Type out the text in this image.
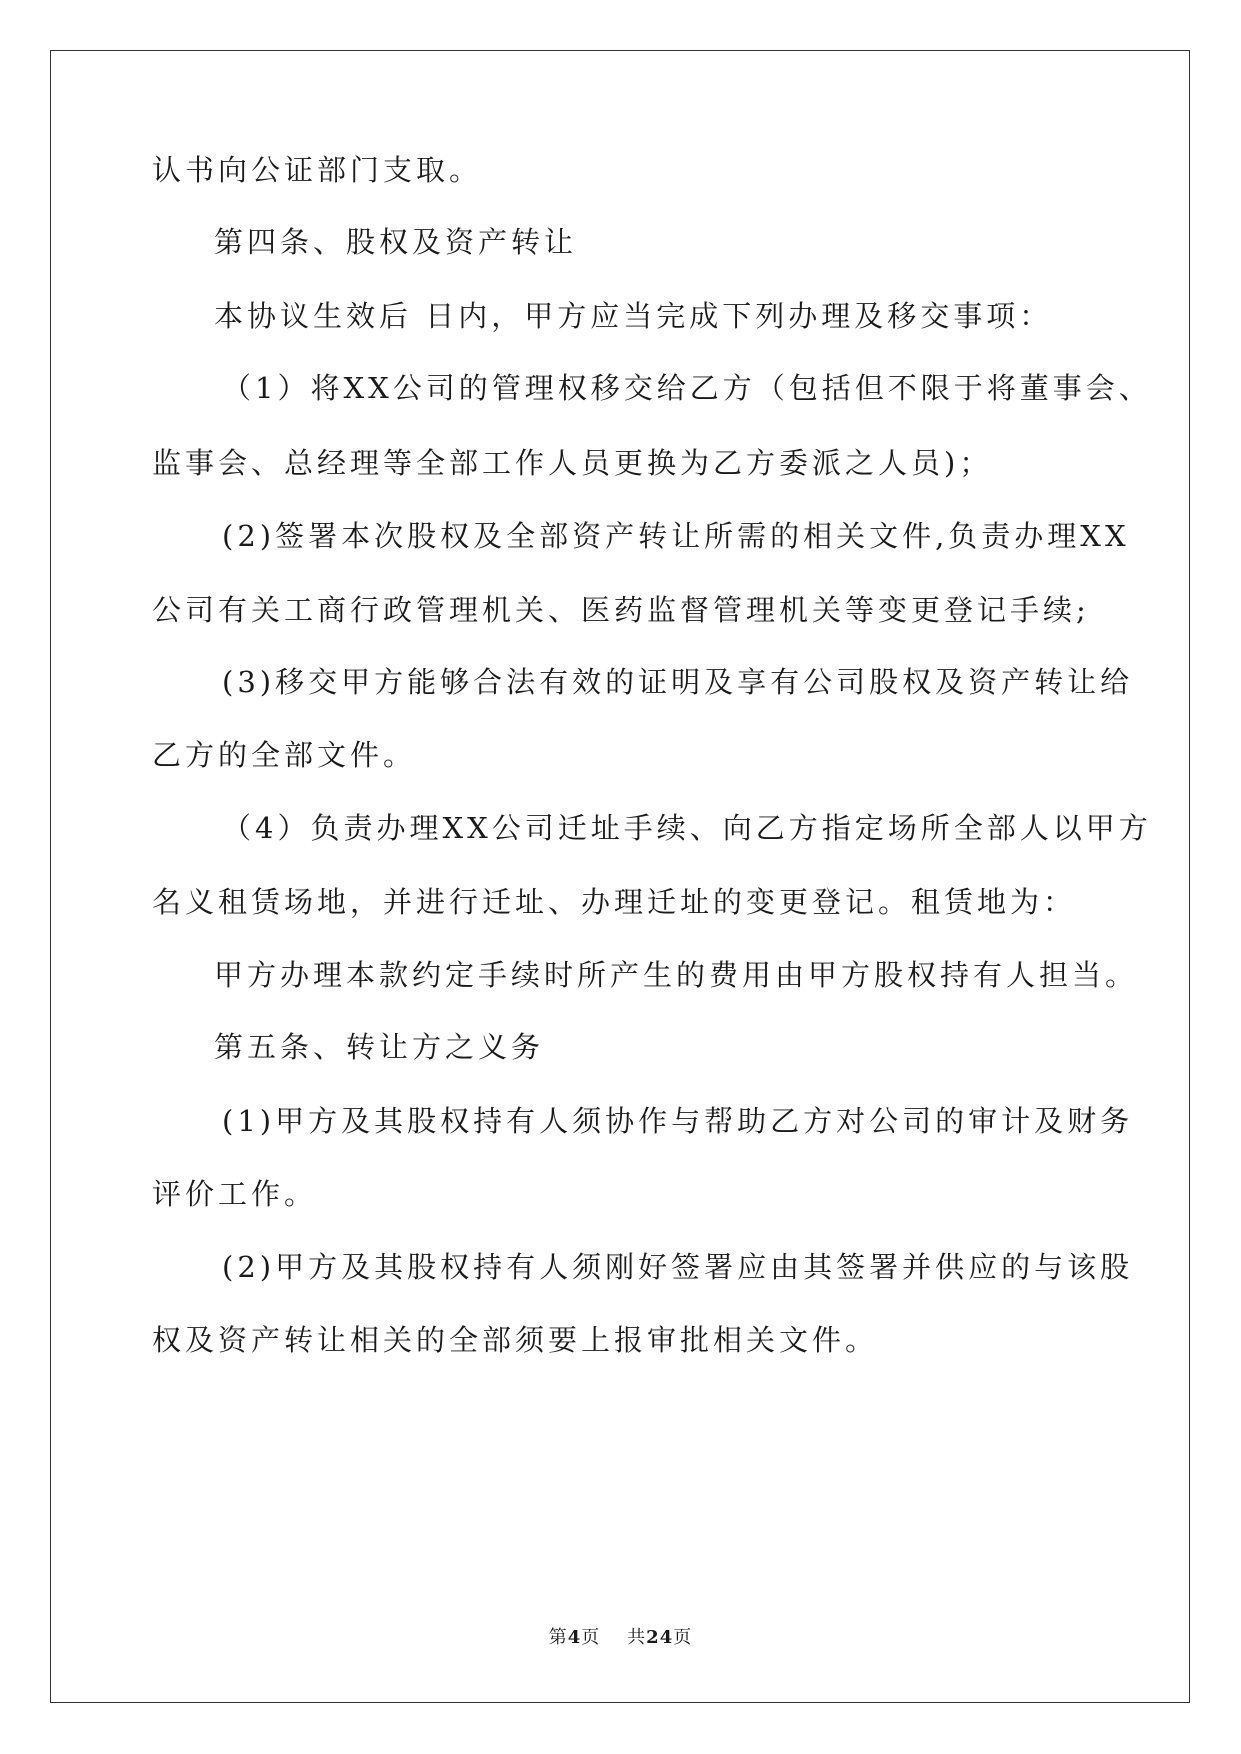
认书向公证部门支取。

第四条、股权及资产转让

本协议生效后 日内，甲方应当完成下列办理及移交事项：

（1）将XX公司的管理权移交给乙方（包括但不限于将董事会、

监事会、总经理等全部工作人员更换为乙方委派之人员)；

(2)签署本次股权及全部资产转让所需的相关文件,负责办理XX

公司有关工商行政管理机关、医药监督管理机关等变更登记手续;

(3)移交甲方能够合法有效的证明及享有公司股权及资产转让给

乙方的全部文件。

（4）负责办理XX公司迁址手续、向乙方指定场所全部人以甲方

名义租赁场地，并进行迁址、办理迁址的变更登记。租赁地为：

甲方办理本款约定手续时所产生的费用由甲方股权持有人担当。

第五条、转让方之义务

(1)甲方及其股权持有人须协作与帮助乙方对公司的审计及财务

评价工作。

(2)甲方及其股权持有人须刚好签署应由其签署并供应的与该股

权及资产转让相关的全部须要上报审批相关文件。

第4页 共24页
